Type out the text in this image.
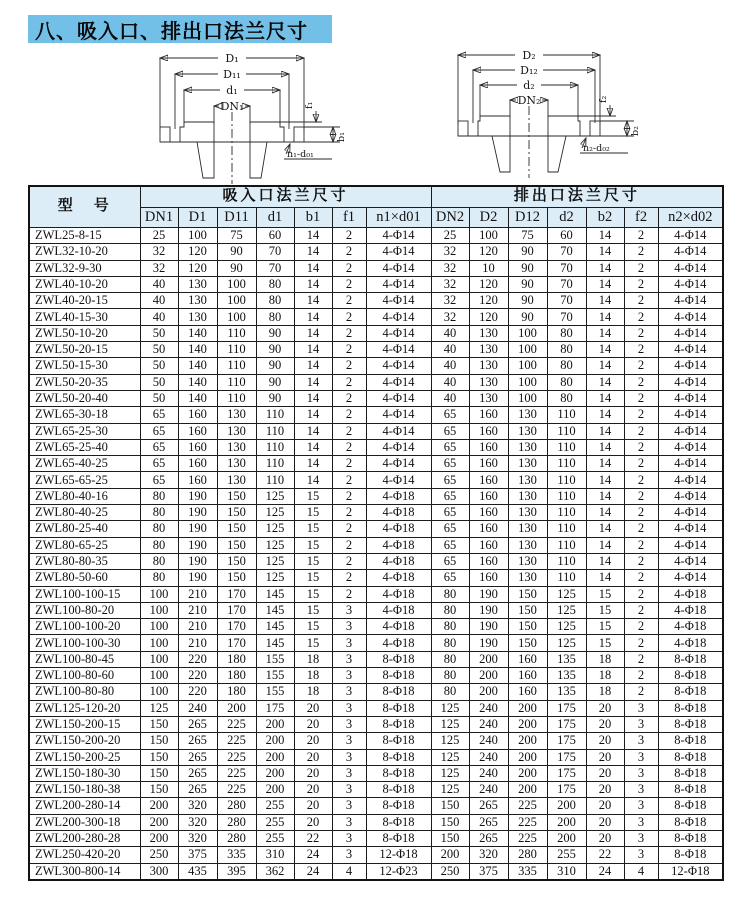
八、吸入口、排出口法兰尺寸
D₁
D₁₁
d₁
DN₁	f₁
b₁
n₁-d₀₁
D₂
D₁₂
d₂
DN₂	f₂
b₂
n₂-d₀₂
型　号	吸入口法兰尺寸							排出口法兰尺寸						
	DN1	D1	D11	d1	b1	f1	n1×d01	DN2	D2	D12	d2	b2	f2	n2×d02
ZWL25-8-15	25	100	75	60	14	2	4-Φ14	25	100	75	60	14	2	4-Φ14
ZWL32-10-20	32	120	90	70	14	2	4-Φ14	32	120	90	70	14	2	4-Φ14
ZWL32-9-30	32	120	90	70	14	2	4-Φ14	32	10	90	70	14	2	4-Φ14
ZWL40-10-20	40	130	100	80	14	2	4-Φ14	32	120	90	70	14	2	4-Φ14
ZWL40-20-15	40	130	100	80	14	2	4-Φ14	32	120	90	70	14	2	4-Φ14
ZWL40-15-30	40	130	100	80	14	2	4-Φ14	32	120	90	70	14	2	4-Φ14
ZWL50-10-20	50	140	110	90	14	2	4-Φ14	40	130	100	80	14	2	4-Φ14
ZWL50-20-15	50	140	110	90	14	2	4-Φ14	40	130	100	80	14	2	4-Φ14
ZWL50-15-30	50	140	110	90	14	2	4-Φ14	40	130	100	80	14	2	4-Φ14
ZWL50-20-35	50	140	110	90	14	2	4-Φ14	40	130	100	80	14	2	4-Φ14
ZWL50-20-40	50	140	110	90	14	2	4-Φ14	40	130	100	80	14	2	4-Φ14
ZWL65-30-18	65	160	130	110	14	2	4-Φ14	65	160	130	110	14	2	4-Φ14
ZWL65-25-30	65	160	130	110	14	2	4-Φ14	65	160	130	110	14	2	4-Φ14
ZWL65-25-40	65	160	130	110	14	2	4-Φ14	65	160	130	110	14	2	4-Φ14
ZWL65-40-25	65	160	130	110	14	2	4-Φ14	65	160	130	110	14	2	4-Φ14
ZWL65-65-25	65	160	130	110	14	2	4-Φ14	65	160	130	110	14	2	4-Φ14
ZWL80-40-16	80	190	150	125	15	2	4-Φ18	65	160	130	110	14	2	4-Φ14
ZWL80-40-25	80	190	150	125	15	2	4-Φ18	65	160	130	110	14	2	4-Φ14
ZWL80-25-40	80	190	150	125	15	2	4-Φ18	65	160	130	110	14	2	4-Φ14
ZWL80-65-25	80	190	150	125	15	2	4-Φ18	65	160	130	110	14	2	4-Φ14
ZWL80-80-35	80	190	150	125	15	2	4-Φ18	65	160	130	110	14	2	4-Φ14
ZWL80-50-60	80	190	150	125	15	2	4-Φ18	65	160	130	110	14	2	4-Φ14
ZWL100-100-15	100	210	170	145	15	2	4-Φ18	80	190	150	125	15	2	4-Φ18
ZWL100-80-20	100	210	170	145	15	3	4-Φ18	80	190	150	125	15	2	4-Φ18
ZWL100-100-20	100	210	170	145	15	3	4-Φ18	80	190	150	125	15	2	4-Φ18
ZWL100-100-30	100	210	170	145	15	3	4-Φ18	80	190	150	125	15	2	4-Φ18
ZWL100-80-45	100	220	180	155	18	3	8-Φ18	80	200	160	135	18	2	8-Φ18
ZWL100-80-60	100	220	180	155	18	3	8-Φ18	80	200	160	135	18	2	8-Φ18
ZWL100-80-80	100	220	180	155	18	3	8-Φ18	80	200	160	135	18	2	8-Φ18
ZWL125-120-20	125	240	200	175	20	3	8-Φ18	125	240	200	175	20	3	8-Φ18
ZWL150-200-15	150	265	225	200	20	3	8-Φ18	125	240	200	175	20	3	8-Φ18
ZWL150-200-20	150	265	225	200	20	3	8-Φ18	125	240	200	175	20	3	8-Φ18
ZWL150-200-25	150	265	225	200	20	3	8-Φ18	125	240	200	175	20	3	8-Φ18
ZWL150-180-30	150	265	225	200	20	3	8-Φ18	125	240	200	175	20	3	8-Φ18
ZWL150-180-38	150	265	225	200	20	3	8-Φ18	125	240	200	175	20	3	8-Φ18
ZWL200-280-14	200	320	280	255	20	3	8-Φ18	150	265	225	200	20	3	8-Φ18
ZWL200-300-18	200	320	280	255	20	3	8-Φ18	150	265	225	200	20	3	8-Φ18
ZWL200-280-28	200	320	280	255	22	3	8-Φ18	150	265	225	200	20	3	8-Φ18
ZWL250-420-20	250	375	335	310	24	3	12-Φ18	200	320	280	255	22	3	8-Φ18
ZWL300-800-14	300	435	395	362	24	4	12-Φ23	250	375	335	310	24	4	12-Φ18
